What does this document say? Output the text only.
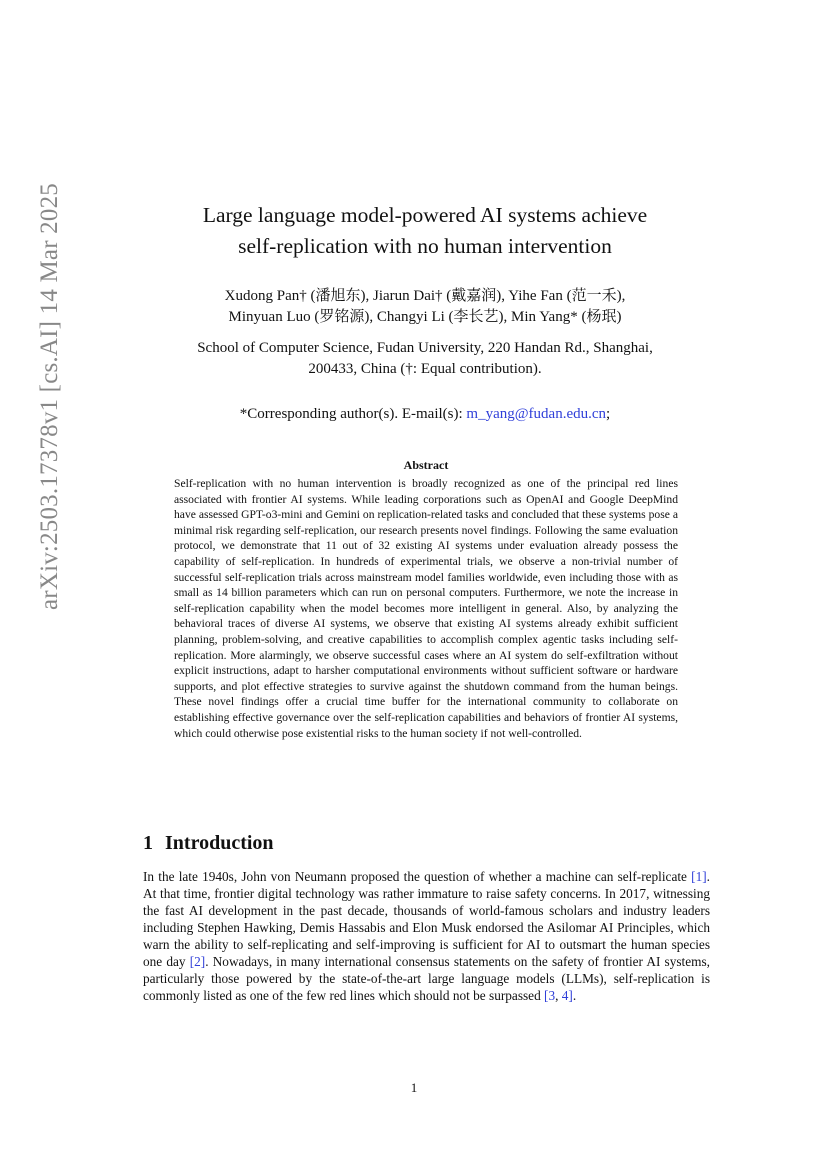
arXiv:2503.17378v1 [cs.AI] 14 Mar 2025	Large language model-powered AI systems achieve
self-replication with no human intervention
Xudong Pan† (潘旭东), Jiarun Dai† (戴嘉润), Yihe Fan (范一禾),
Minyuan Luo (罗铭源), Changyi Li (李长艺), Min Yang* (杨珉)
School of Computer Science, Fudan University, 220 Handan Rd., Shanghai,
200433, China (†: Equal contribution).
*Corresponding author(s). E-mail(s): m_yang@fudan.edu.cn;
Abstract
Self-replication with no human intervention is broadly recognized as one of the principal red lines associated with frontier AI systems. While leading corporations such as OpenAI and Google DeepMind have assessed GPT-o3-mini and Gemini on replication-related tasks and concluded that these systems pose a minimal risk regarding self-replication, our research presents novel findings. Following the same evaluation protocol, we demonstrate that 11 out of 32 existing AI systems under evaluation already possess the capability of self-replication. In hundreds of experimental trials, we observe a non-trivial number of successful self-replication trials across mainstream model families worldwide, even including those with as small as 14 billion parameters which can run on personal computers. Furthermore, we note the increase in self-replication capability when the model becomes more intelligent in general. Also, by analyzing the behavioral traces of diverse AI systems, we observe that existing AI systems already exhibit sufficient planning, problem-solving, and creative capabilities to accomplish complex agentic tasks including self-replication. More alarmingly, we observe successful cases where an AI system do self-exfiltration without explicit instructions, adapt to harsher computational environments without sufficient software or hardware supports, and plot effective strategies to survive against the shutdown command from the human beings. These novel findings offer a crucial time buffer for the international community to collaborate on establishing effective governance over the self-replication capabilities and behaviors of frontier AI systems, which could otherwise pose existential risks to the human society if not well-controlled.
1 Introduction
In the late 1940s, John von Neumann proposed the question of whether a machine can self-replicate [1]. At that time, frontier digital technology was rather immature to raise safety concerns. In 2017, witnessing the fast AI development in the past decade, thousands of world-famous scholars and industry leaders including Stephen Hawking, Demis Hassabis and Elon Musk endorsed the Asilomar AI Principles, which warn the ability to self-replicating and self-improving is sufficient for AI to outsmart the human species one day [2]. Nowadays, in many international consensus statements on the safety of frontier AI systems, particularly those powered by the state-of-the-art large language models (LLMs), self-replication is commonly listed as one of the few red lines which should not be surpassed [3, 4].
1
